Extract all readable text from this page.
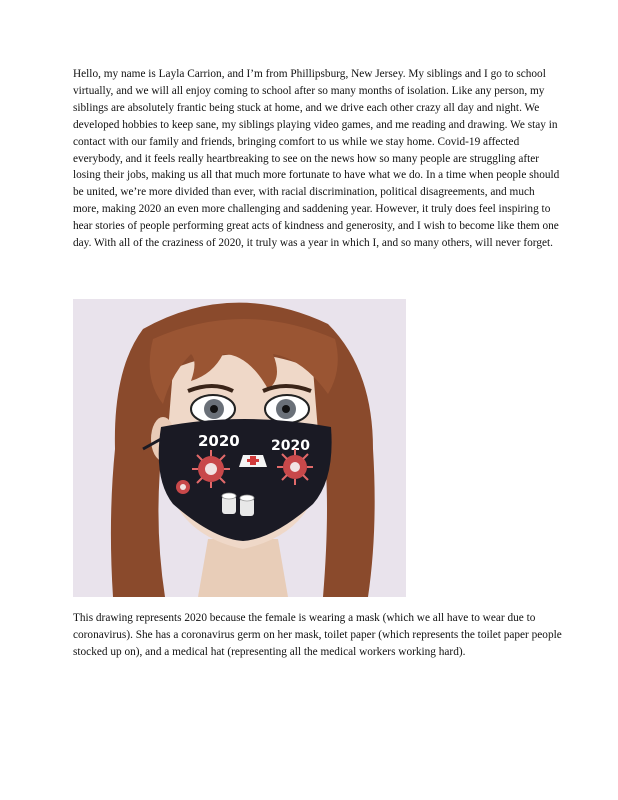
Hello, my name is Layla Carrion, and I’m from Phillipsburg, New Jersey. My siblings and I go to school virtually, and we will all enjoy coming to school after so many months of isolation. Like any person, my siblings are absolutely frantic being stuck at home, and we drive each other crazy all day and night. We developed hobbies to keep sane, my siblings playing video games, and me reading and drawing. We stay in contact with our family and friends, bringing comfort to us while we stay home. Covid-19 affected everybody, and it feels really heartbreaking to see on the news how so many people are struggling after losing their jobs, making us all that much more fortunate to have what we do. In a time when people should be united, we’re more divided than ever, with racial discrimination, political disagreements, and much more, making 2020 an even more challenging and saddening year. However, it truly does feel inspiring to hear stories of people performing great acts of kindness and generosity, and I wish to become like them one day. With all of the craziness of 2020, it truly was a year in which I, and so many others, will never forget.

2020 2020

This drawing represents 2020 because the female is wearing a mask (which we all have to wear due to coronavirus). She has a coronavirus germ on her mask, toilet paper (which represents the toilet paper people stocked up on), and a medical hat (representing all the medical workers working hard).
